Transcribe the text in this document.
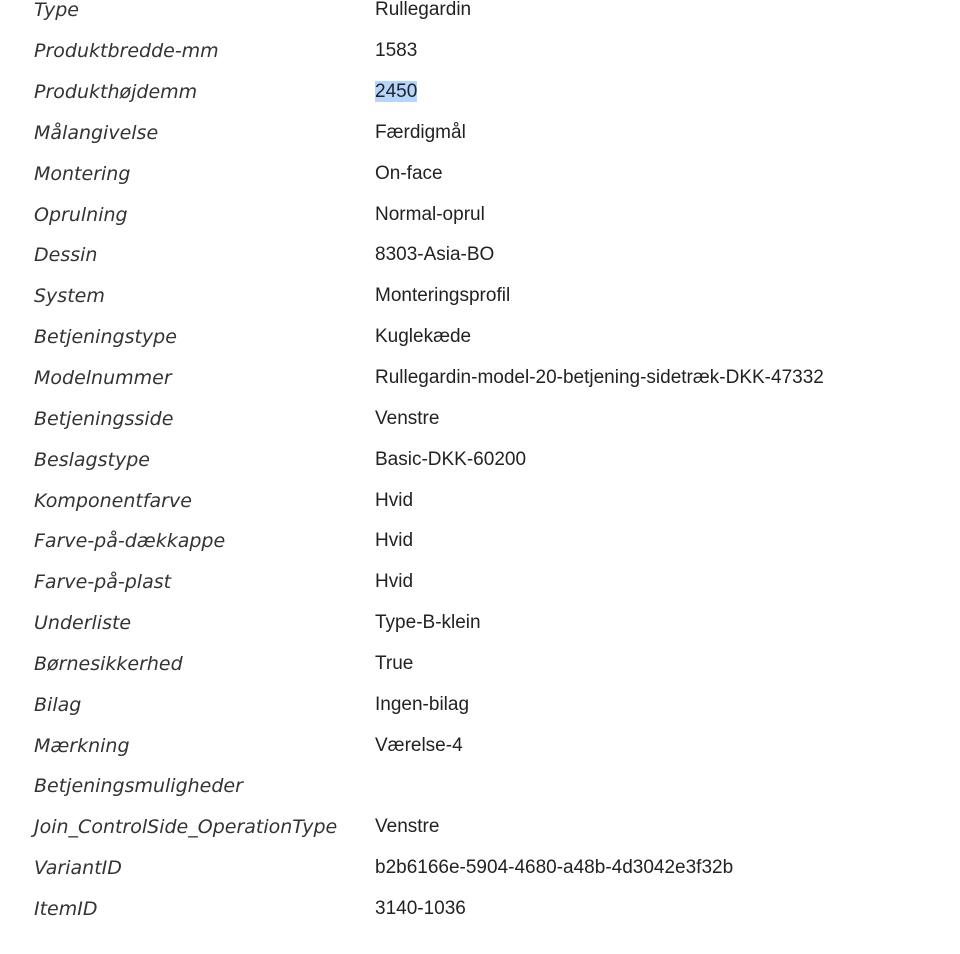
Type	Rullegardin
Produktbredde-mm	1583
Produkthøjdemm	2450
Målangivelse	Færdigmål
Montering	On-face
Oprulning	Normal-oprul
Dessin	8303-Asia-BO
System	Monteringsprofil
Betjeningstype	Kuglekæde
Modelnummer	Rullegardin-model-20-betjening-sidetræk-DKK-47332
Betjeningsside	Venstre
Beslagstype	Basic-DKK-60200
Komponentfarve	Hvid
Farve-på-dækkappe	Hvid
Farve-på-plast	Hvid
Underliste	Type-B-klein
Børnesikkerhed	True
Bilag	Ingen-bilag
Mærkning	Værelse-4
Betjeningsmuligheder
Join_ControlSide_OperationType	Venstre
VariantID	b2b6166e-5904-4680-a48b-4d3042e3f32b
ItemID	3140-1036
